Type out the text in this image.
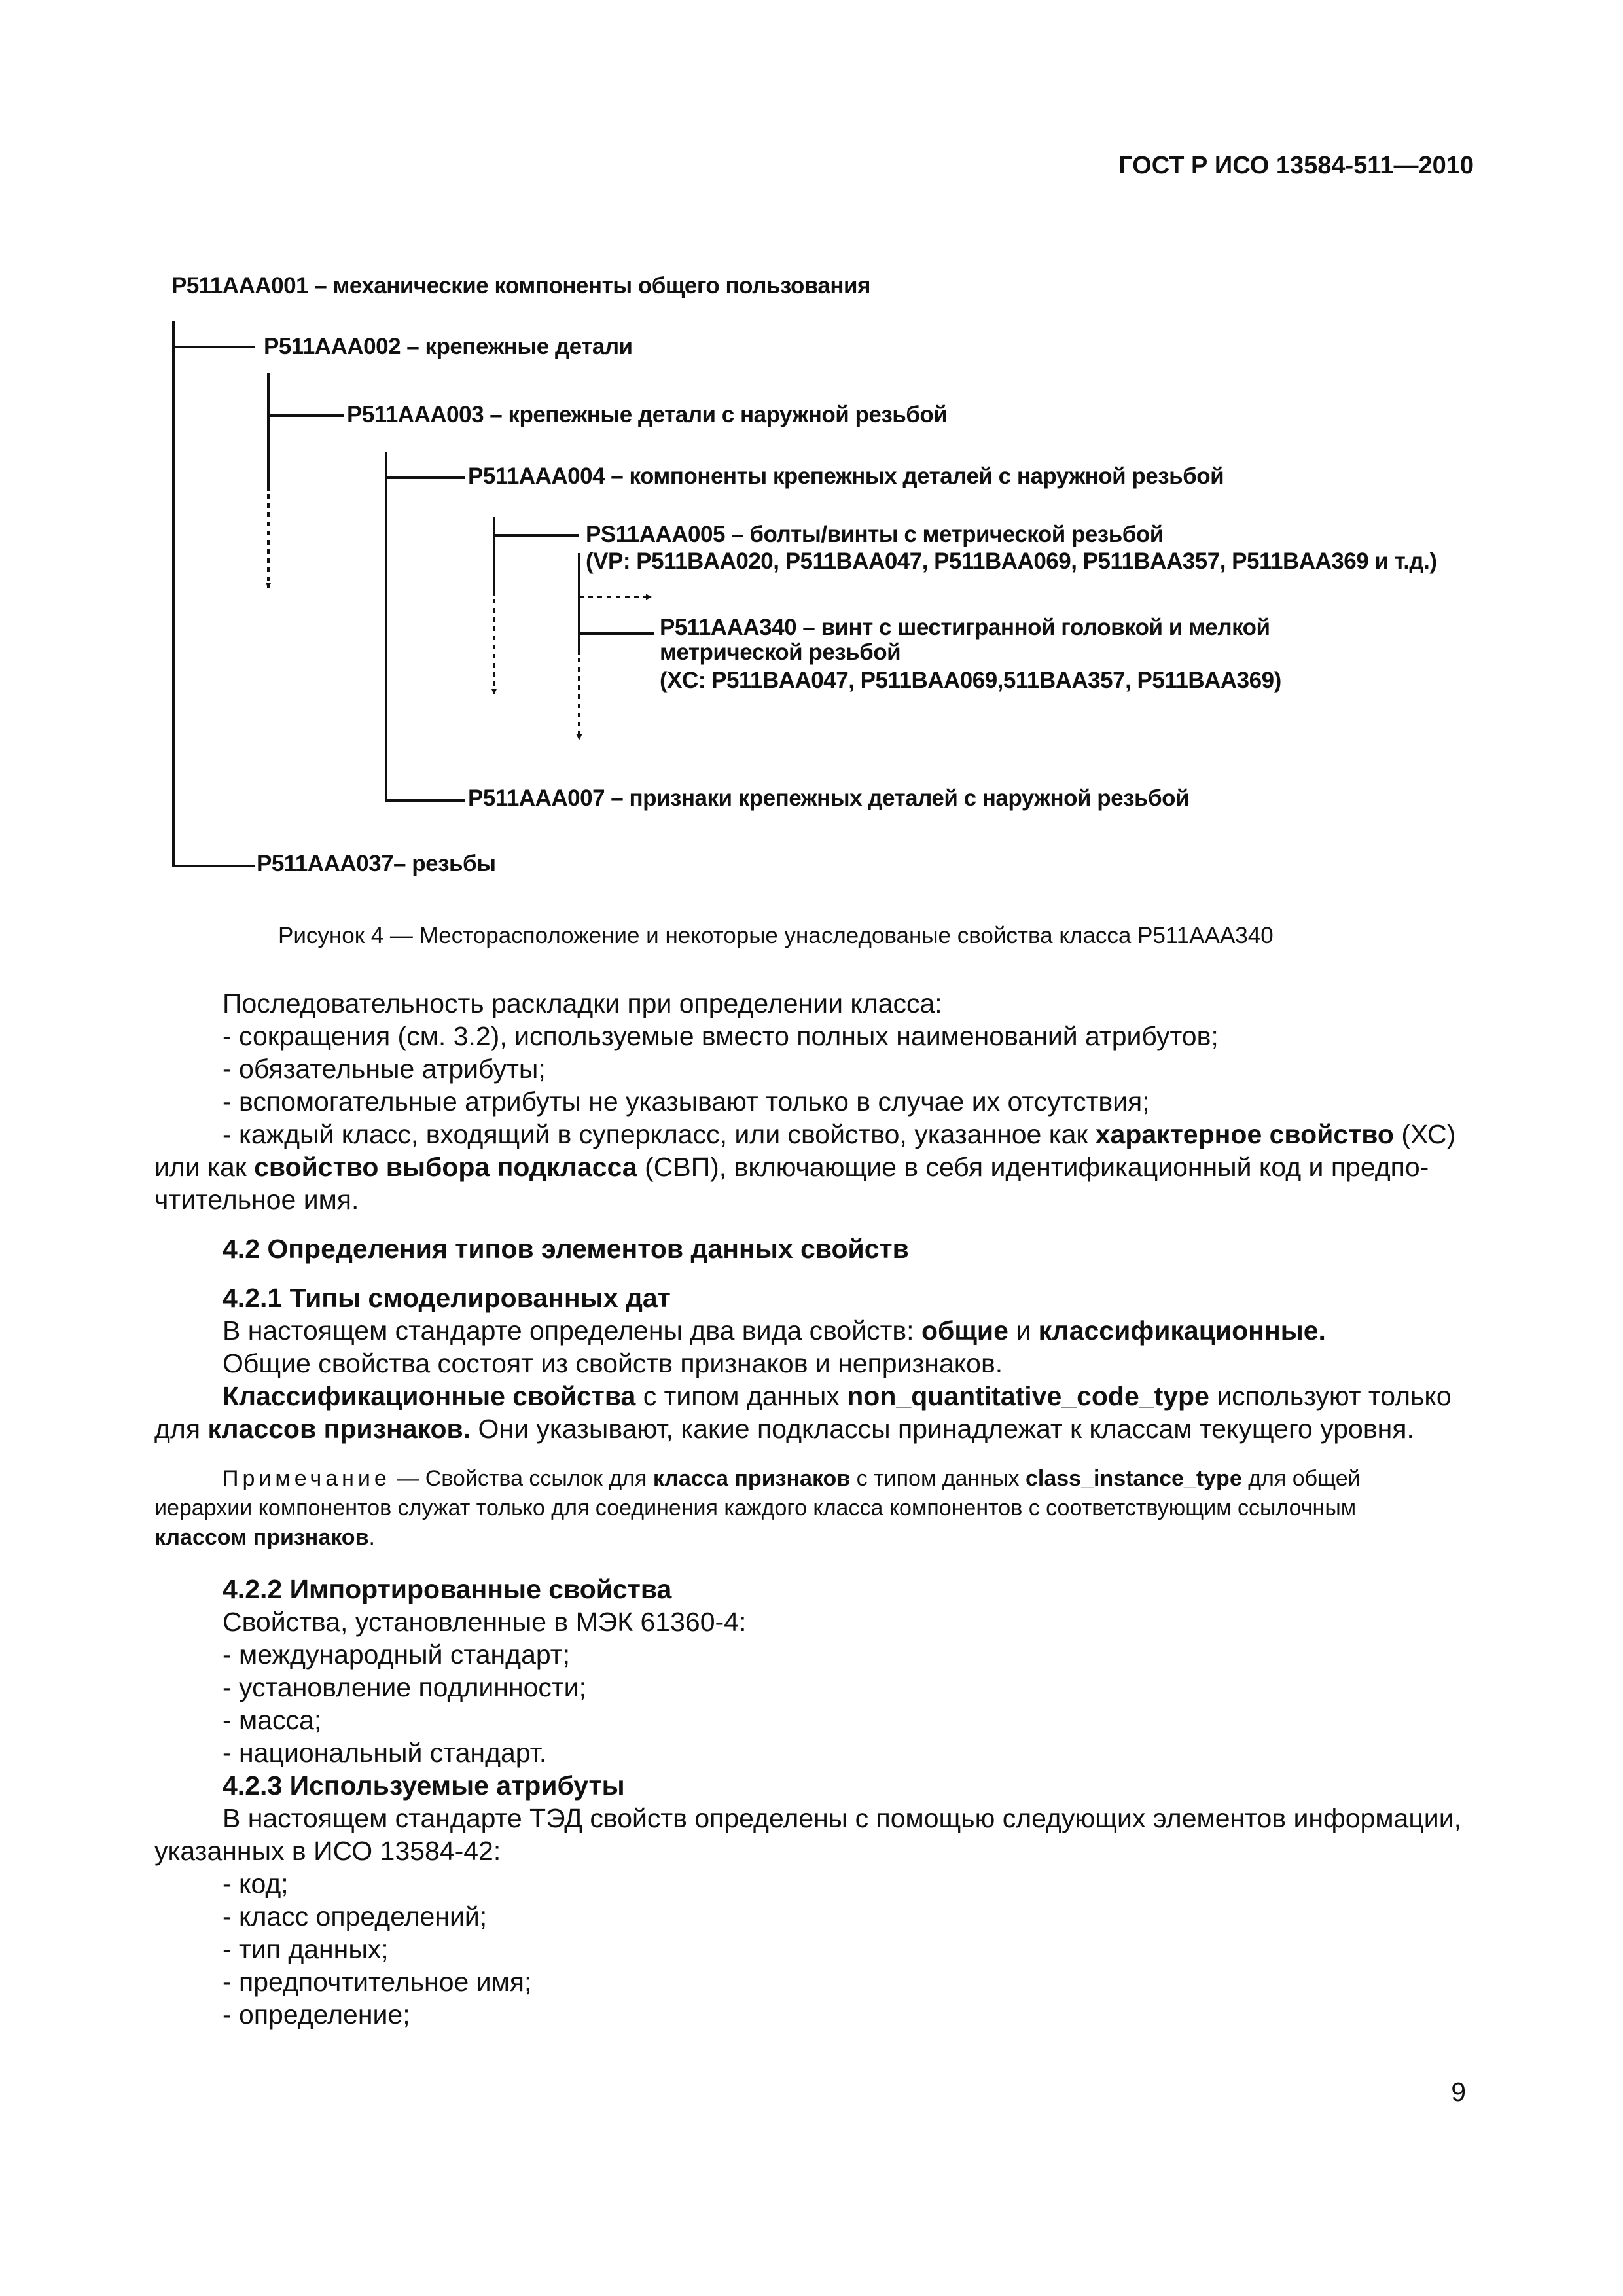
ГОСТ Р ИСО 13584-511—2010
P511AAA001 – механические компоненты общего пользования
P511AAA002 – крепежные детали
P511AAA003 – крепежные детали с наружной резьбой
P511AAA004 – компоненты крепежных деталей с наружной резьбой
PS11AAA005 – болты/винты с метрической резьбой
(VP: P511BAA020, P511BAA047, P511BAA069, P511BAA357, P511BAA369 и т.д.)
P511AAA340 – винт с шестигранной головкой и мелкой
метрической резьбой
(XC: P511BAA047, P511BAA069,511BAA357, P511BAA369)
P511AAA007 – признаки крепежных деталей с наружной резьбой
P511AAA037– резьбы
Рисунок 4 — Месторасположение и некоторые унаследованые свойства класса P511AAA340
Последовательность раскладки при определении класса:
- сокращения (см. 3.2), используемые вместо полных наименований атрибутов;
- обязательные атрибуты;
- вспомогательные атрибуты не указывают только в случае их отсутствия;
- каждый класс, входящий в суперкласс, или свойство, указанное как характерное свойство (ХС)
или как свойство выбора подкласса (СВП), включающие в себя идентификационный код и предпо-
чтительное имя.
4.2 Определения типов элементов данных свойств
4.2.1 Типы смоделированных дат
В настоящем стандарте определены два вида свойств: общие и классификационные.
Общие свойства состоят из свойств признаков и непризнаков.
Классификационные свойства с типом данных non_quantitative_code_type используют только
для классов признаков. Они указывают, какие подклассы принадлежат к классам текущего уровня.
Примечание — Свойства ссылок для класса признаков с типом данных class_instance_type для общей
иерархии компонентов служат только для соединения каждого класса компонентов с соответствующим ссылочным
классом признаков.
4.2.2 Импортированные свойства
Свойства, установленные в МЭК 61360-4:
- международный стандарт;
- установление подлинности;
- масса;
- национальный стандарт.
4.2.3 Используемые атрибуты
В настоящем стандарте ТЭД свойств определены с помощью следующих элементов информации,
указанных в ИСО 13584-42:
- код;
- класс определений;
- тип данных;
- предпочтительное имя;
- определение;
9
